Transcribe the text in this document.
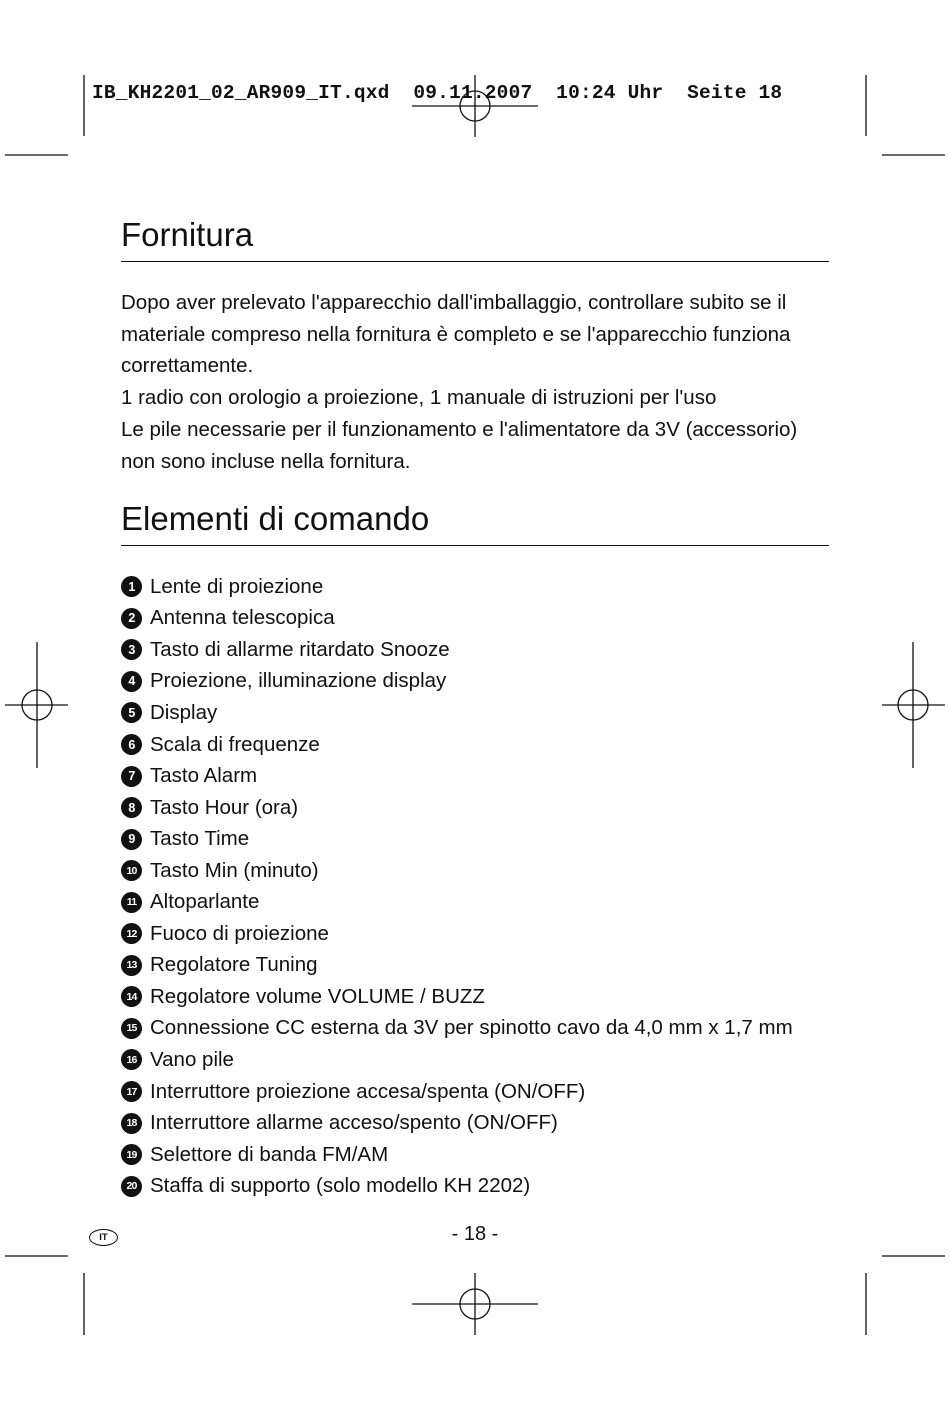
IB_KH2201_02_AR909_IT.qxd  09.11.2007  10:24 Uhr  Seite 18
Fornitura

Dopo aver prelevato l'apparecchio dall'imballaggio, controllare subito se il materiale compreso nella fornitura è completo e se l'apparecchio funziona correttamente.

1 radio con orologio a proiezione, 1 manuale di istruzioni per l'uso

Le pile necessarie per il funzionamento e l'alimentatore da 3V (accessorio) non sono incluse nella fornitura.

Elementi di comando
1 Lente di proiezione
2 Antenna telescopica
3 Tasto di allarme ritardato Snooze
4 Proiezione, illuminazione display
5 Display
6 Scala di frequenze
7 Tasto Alarm
8 Tasto Hour (ora)
9 Tasto Time
10 Tasto Min (minuto)
11 Altoparlante
12 Fuoco di proiezione
13 Regolatore Tuning
14 Regolatore volume VOLUME / BUZZ
15 Connessione CC esterna da 3V per spinotto cavo da 4,0 mm x 1,7 mm
16 Vano pile
17 Interruttore proiezione accesa/spenta (ON/OFF)
18 Interruttore allarme acceso/spento (ON/OFF)
19 Selettore di banda FM/AM
20 Staffa di supporto (solo modello KH 2202)
IT	- 18 -
